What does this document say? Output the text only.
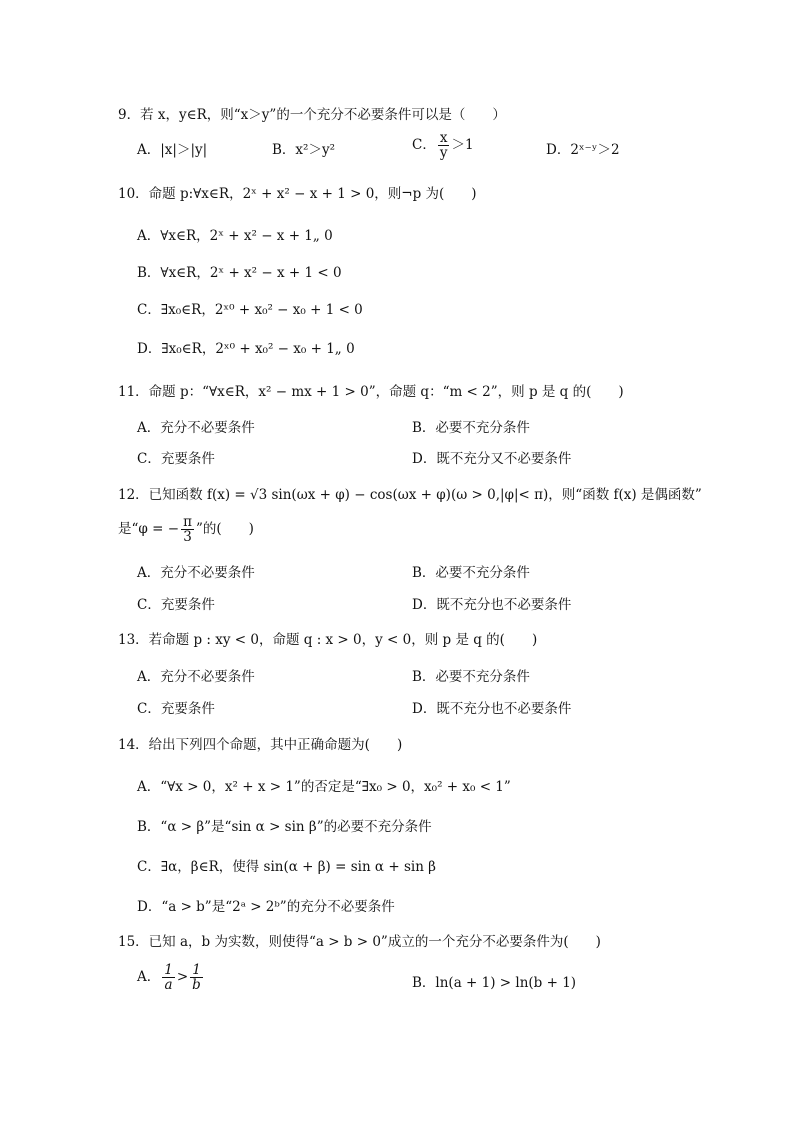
9．若 x，y∈R，则“x＞y”的一个充分不必要条件可以是（　　）
A．|x|＞|y|	B．x²＞y²	C． $\frac{x}{y} >1$	D．2ˣ⁻ʸ＞2
10．命题 p:∀x∈R，2ˣ + x² − x + 1 > 0，则¬p 为(　　)
A．∀x∈R，2ˣ + x² − x + 1„ 0
B．∀x∈R，2ˣ + x² − x + 1 < 0
C．∃x₀∈R，2ˣ⁰ + x₀² − x₀ + 1 < 0
D．∃x₀∈R，2ˣ⁰ + x₀² − x₀ + 1„ 0
11．命题 p：“∀x∈R，x² − mx + 1 > 0”，命题 q：“m < 2”，则 p 是 q 的(　　)
A．充分不必要条件	B．必要不充分条件
C．充要条件	D．既不充分又不必要条件
12．已知函数 f(x) = √3 sin(ωx + φ) − cos(ωx + φ)(ω > 0,|φ|< π)，则“函数 f(x) 是偶函数”
是“φ = − $\frac{\pi}{3}$ ”的(　　)
A．充分不必要条件	B．必要不充分条件
C．充要条件	D．既不充分也不必要条件
13．若命题 p : xy < 0，命题 q : x > 0，y < 0，则 p 是 q 的(　　)
A．充分不必要条件	B．必要不充分条件
C．充要条件	D．既不充分也不必要条件
14．给出下列四个命题，其中正确命题为(　　)
A．“∀x > 0，x² + x > 1”的否定是“∃x₀ > 0，x₀² + x₀ < 1”
B．“α > β”是“sin α > sin β”的必要不充分条件
C．∃α，β∈R，使得 sin(α + β) = sin α + sin β
D．“a > b”是“2ᵃ > 2ᵇ”的充分不必要条件
15．已知 a，b 为实数，则使得“a > b > 0”成立的一个充分不必要条件为(　　)
A． $\frac{1}{a} > \frac{1}{b}$	B．ln(a + 1) > ln(b + 1)
